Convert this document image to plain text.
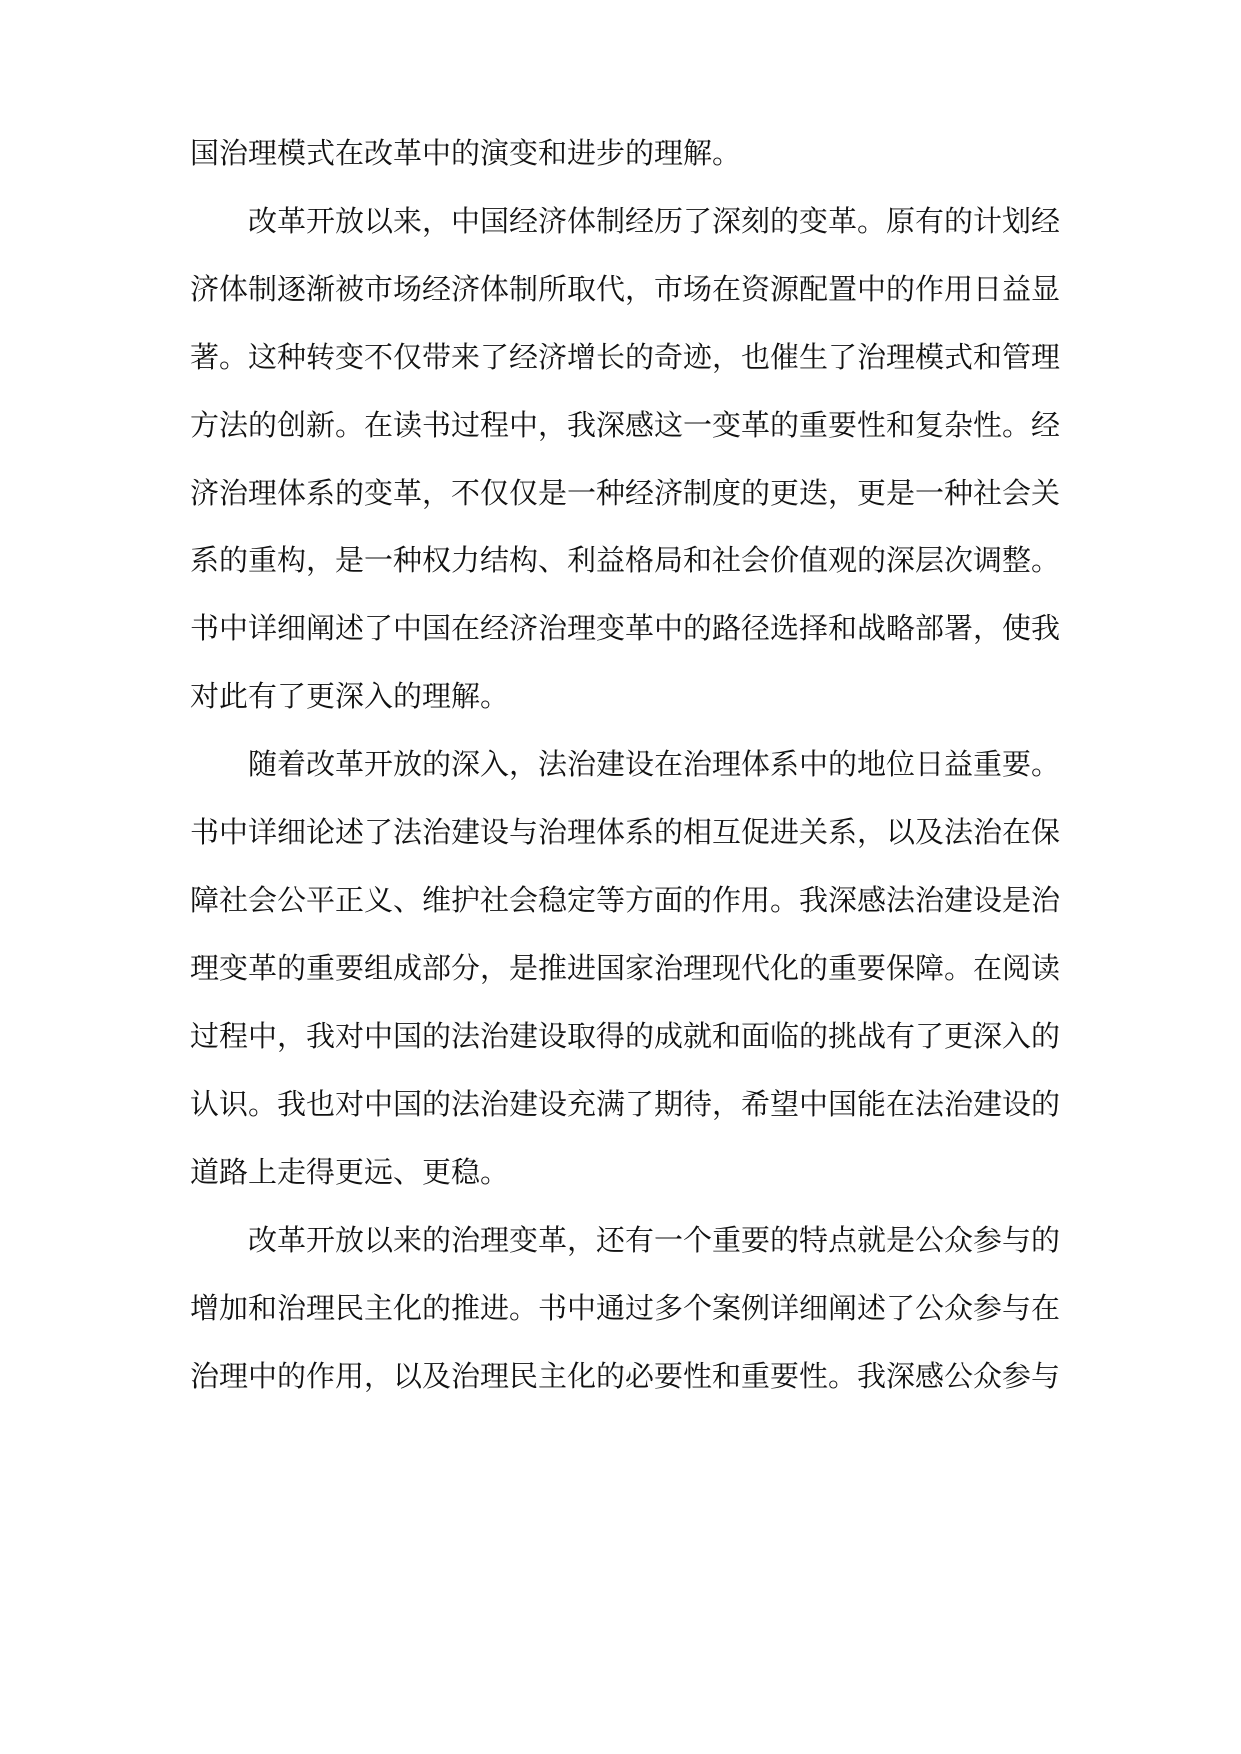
国治理模式在改革中的演变和进步的理解。

改革开放以来，中国经济体制经历了深刻的变革。原有的计划经

济体制逐渐被市场经济体制所取代，市场在资源配置中的作用日益显

著。这种转变不仅带来了经济增长的奇迹，也催生了治理模式和管理

方法的创新。在读书过程中，我深感这一变革的重要性和复杂性。经

济治理体系的变革，不仅仅是一种经济制度的更迭，更是一种社会关

系的重构，是一种权力结构、利益格局和社会价值观的深层次调整。

书中详细阐述了中国在经济治理变革中的路径选择和战略部署，使我

对此有了更深入的理解。

随着改革开放的深入，法治建设在治理体系中的地位日益重要。

书中详细论述了法治建设与治理体系的相互促进关系，以及法治在保

障社会公平正义、维护社会稳定等方面的作用。我深感法治建设是治

理变革的重要组成部分，是推进国家治理现代化的重要保障。在阅读

过程中，我对中国的法治建设取得的成就和面临的挑战有了更深入的

认识。我也对中国的法治建设充满了期待，希望中国能在法治建设的

道路上走得更远、更稳。

改革开放以来的治理变革，还有一个重要的特点就是公众参与的

增加和治理民主化的推进。书中通过多个案例详细阐述了公众参与在

治理中的作用，以及治理民主化的必要性和重要性。我深感公众参与
